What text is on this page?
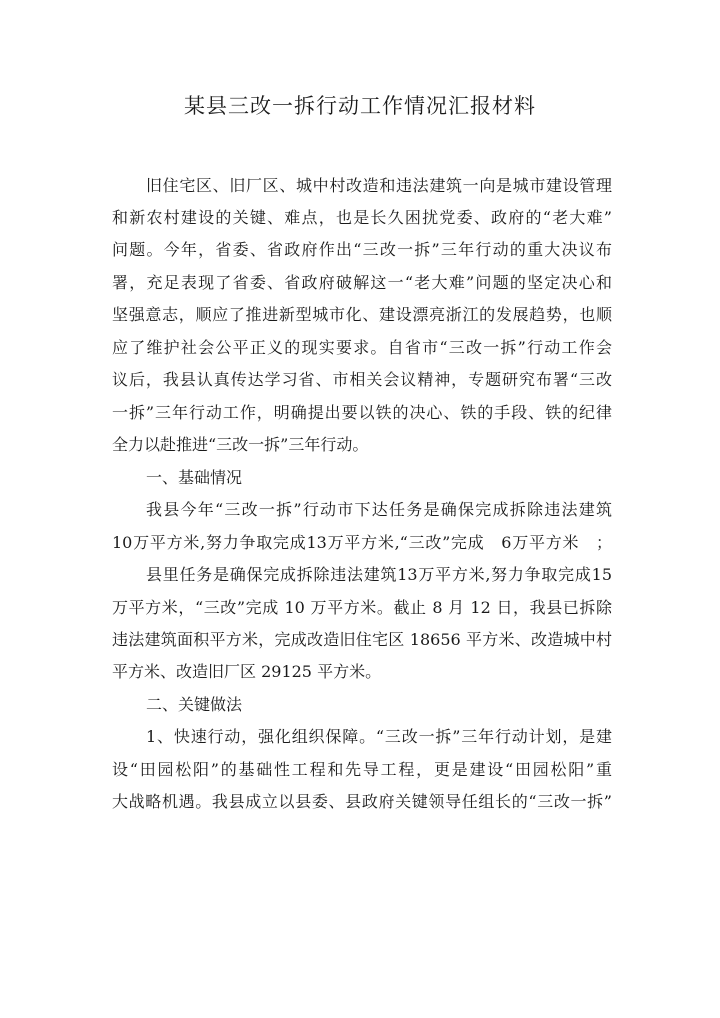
某县三改一拆行动工作情况汇报材料

旧住宅区、旧厂区、城中村改造和违法建筑一向是城市建设管理

和新农村建设的关键、难点，也是长久困扰党委、政府的“老大难”

问题。今年，省委、省政府作出“三改一拆”三年行动的重大决议布

署，充足表现了省委、省政府破解这一“老大难”问题的坚定决心和

坚强意志，顺应了推进新型城市化、建设漂亮浙江的发展趋势，也顺

应了维护社会公平正义的现实要求。自省市“三改一拆”行动工作会

议后，我县认真传达学习省、市相关会议精神，专题研究布署“三改

一拆”三年行动工作，明确提出要以铁的决心、铁的手段、铁的纪律

全力以赴推进“三改一拆”三年行动。

一、基础情况

我县今年“三改一拆”行动市下达任务是确保完成拆除违法建筑

10万平方米,努力争取完成13万平方米,“三改”完成　6万平方米　；

县里任务是确保完成拆除违法建筑13万平方米,努力争取完成15

万平方米，“三改”完成 10 万平方米。截止 8 月 12 日，我县已拆除

违法建筑面积平方米，完成改造旧住宅区 18656 平方米、改造城中村

平方米、改造旧厂区 29125 平方米。

二、关键做法

1、快速行动，强化组织保障。“三改一拆”三年行动计划，是建

设“田园松阳”的基础性工程和先导工程，更是建设“田园松阳”重

大战略机遇。我县成立以县委、县政府关键领导任组长的“三改一拆”
